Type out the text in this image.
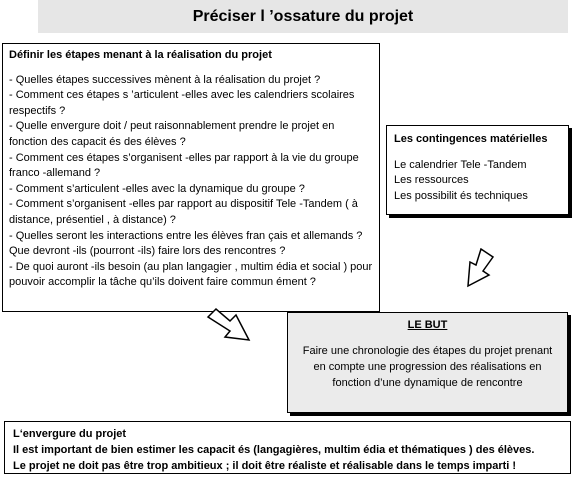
Préciser l ’ossature du projet
Définir les étapes menant à la réalisation du projet

- Quelles étapes successives mènent à la réalisation du projet ?

- Comment ces étapes s ’articulent -elles avec les calendriers scolaires respectifs ?

- Quelle envergure doit / peut raisonnablement prendre le projet en fonction des capacit és des élèves ?

- Comment ces étapes s’organisent -elles par rapport à la vie du groupe franco -allemand ?

- Comment s’articulent -elles avec la dynamique du groupe ?

- Comment s’organisent -elles par rapport au dispositif Tele -Tandem ( à distance, présentiel , à distance) ?

- Quelles seront les interactions entre les élèves fran çais et allemands ? Que devront -ils (pourront -ils) faire lors des rencontres ?

- De quoi auront -ils besoin (au plan langagier , multim édia et social ) pour pouvoir accomplir la tâche qu’ils doivent faire commun ément ?

Les contingences matérielles
Le calendrier Tele -Tandem
Les ressources
Les possibilit és techniques
LE BUT
Faire une chronologie des étapes du projet prenant en compte une progression des réalisations en fonction d’une dynamique de rencontre
L‘envergure du projet
Il est important de bien estimer les capacit és (langagières, multim édia et thématiques ) des élèves.
Le projet ne doit pas être trop ambitieux ; il doit être réaliste et réalisable dans le temps imparti !
